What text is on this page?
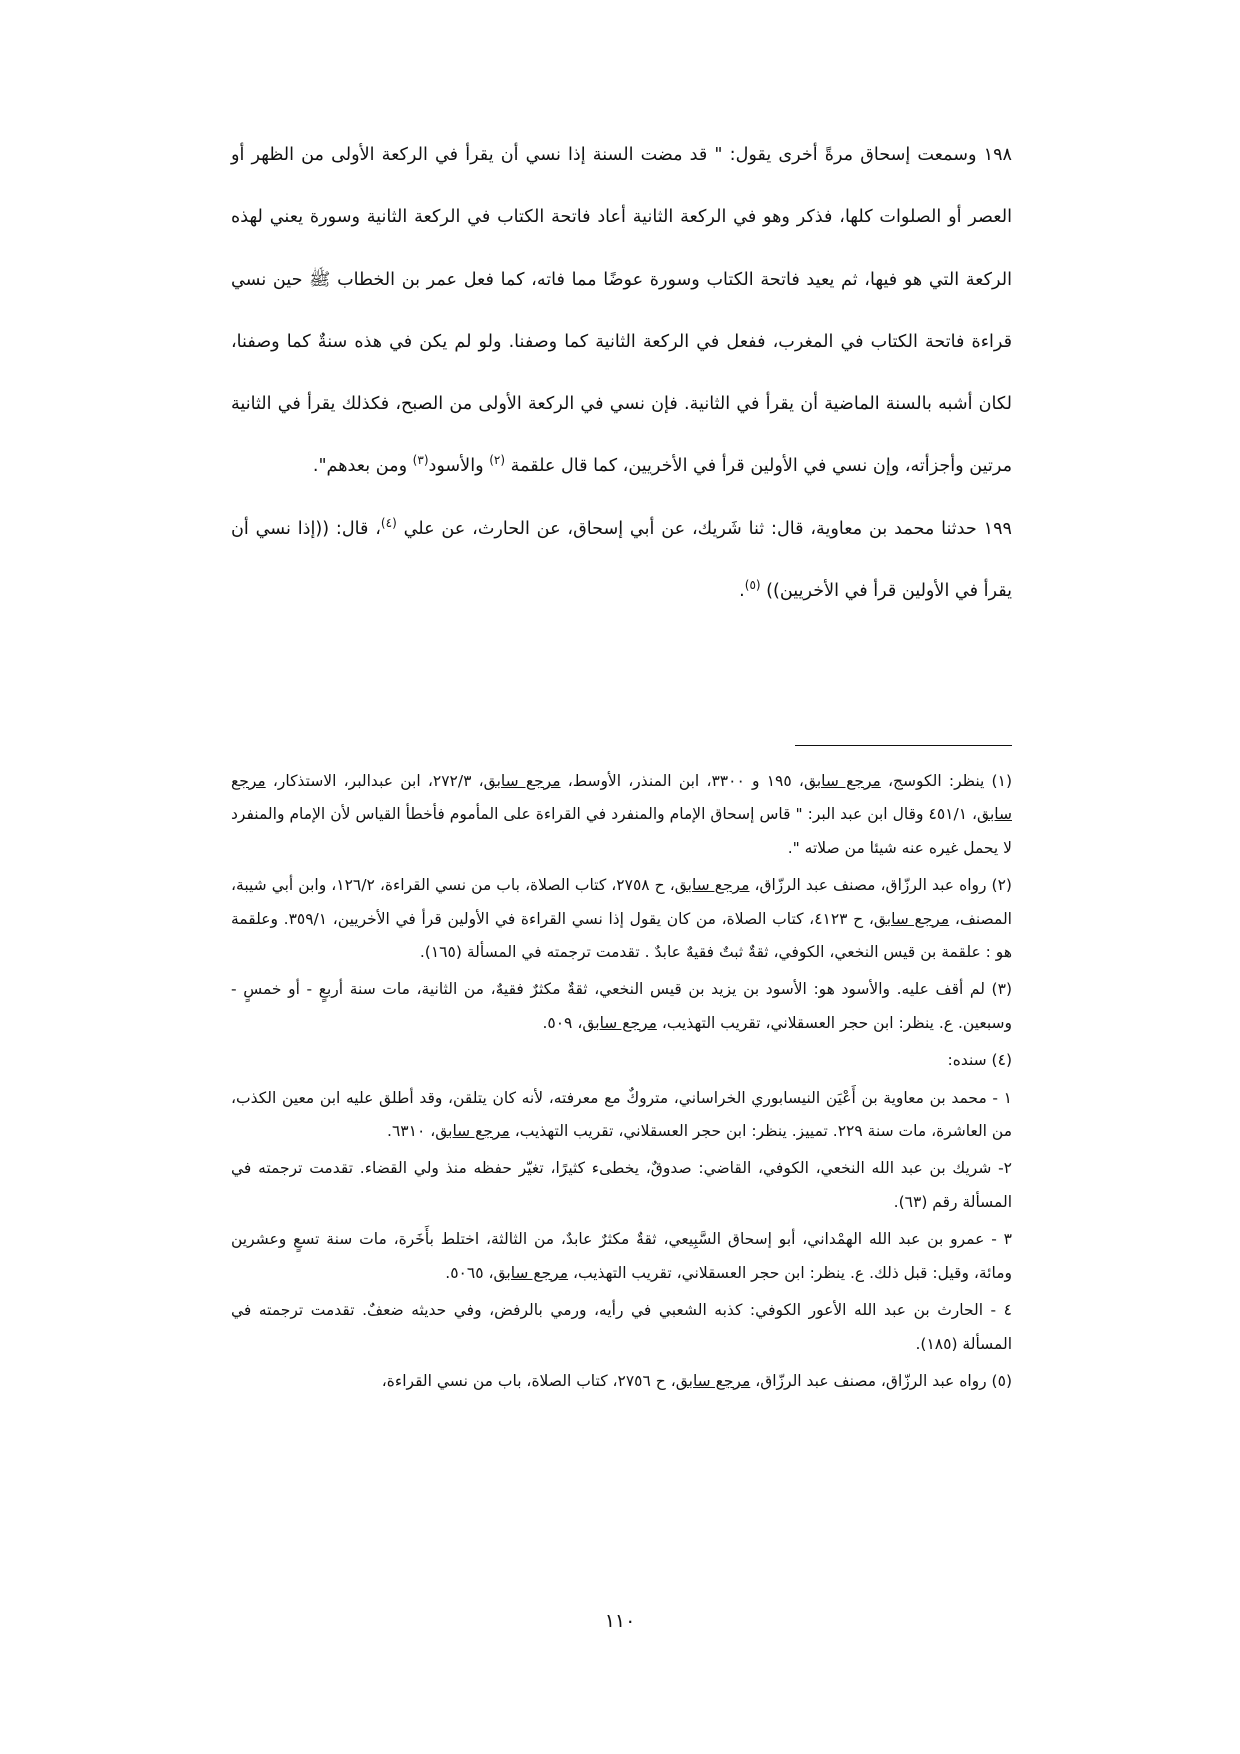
١٩٨ وسمعت إسحاق مرةً أخرى يقول: " قد مضت السنة إذا نسي أن يقرأ في الركعة الأولى من الظهر أو العصر أو الصلوات كلها، فذكر وهو في الركعة الثانية أعاد فاتحة الكتاب في الركعة الثانية وسورة يعني لهذه الركعة التي هو فيها، ثم يعيد فاتحة الكتاب وسورة عوضًا مما فاته، كما فعل عمر بن الخطاب ﷺ حين نسي قراءة فاتحة الكتاب في المغرب، ففعل في الركعة الثانية كما وصفنا. ولو لم يكن في هذه سنةٌ كما وصفنا، لكان أشبه بالسنة الماضية أن يقرأ في الثانية. فإن نسي في الركعة الأولى من الصبح، فكذلك يقرأ في الثانية مرتين وأجزأته، وإن نسي في الأولين قرأ في الأخريين، كما قال علقمة $^{(٢)}$ والأسود$^{(٣)}$ ومن بعدهم".

١٩٩ حدثنا محمد بن معاوية، قال: ثنا شَريك، عن أبي إسحاق، عن الحارث، عن علي $^{(٤)}$، قال: ((إذا نسي أن يقرأ في الأولين قرأ في الأخريين)) $^{(٥)}$.

(١) ينظر: الكوسج، مرجع سابق، ١٩٥ و ٣٣٠٠، ابن المنذر، الأوسط، مرجع سابق، ٢٧٢/٣، ابن عبدالبر، الاستذكار، مرجع سابق، ٤٥١/١ وقال ابن عبد البر: " قاس إسحاق الإمام والمنفرد في القراءة على المأموم فأخطأ القياس لأن الإمام والمنفرد لا يحمل غيره عنه شيئا من صلاته ".

(٢) رواه عبد الرزّاق، مصنف عبد الرزّاق، مرجع سابق، ح ٢٧٥٨، كتاب الصلاة، باب من نسي القراءة، ١٢٦/٢، وابن أبي شيبة، المصنف، مرجع سابق، ح ٤١٢٣، كتاب الصلاة، من كان يقول إذا نسي القراءة في الأولين قرأ في الأخريين، ٣٥٩/١. وعلقمة هو : علقمة بن قيس النخعي، الكوفي، ثقةٌ ثبتٌ فقيهٌ عابدٌ . تقدمت ترجمته في المسألة (١٦٥).

(٣) لم أقف عليه. والأسود هو: الأسود بن يزيد بن قيس النخعي، ثقةٌ مكثرٌ فقيهٌ، من الثانية، مات سنة أربعٍ - أو خمسٍ - وسبعين. ع. ينظر: ابن حجر العسقلاني، تقريب التهذيب، مرجع سابق، ٥٠٩.

(٤) سنده:

١ - محمد بن معاوية بن أَعْيَن النيسابوري الخراساني، متروكٌ مع معرفته، لأنه كان يتلقن، وقد أطلق عليه ابن معين الكذب، من العاشرة، مات سنة ٢٢٩. تمييز. ينظر: ابن حجر العسقلاني، تقريب التهذيب، مرجع سابق، ٦٣١٠.

٢- شريك بن عبد الله النخعي، الكوفي، القاضي: صدوقٌ، يخطىء كثيرًا، تغيّر حفظه منذ ولي القضاء. تقدمت ترجمته في المسألة رقم (٦٣).

٣ - عمرو بن عبد الله الهمْداني، أبو إسحاق السَّبِيعي، ثقةٌ مكثرٌ عابدٌ، من الثالثة، اختلط بأَخَرة، مات سنة تسعٍ وعشرين ومائة، وقيل: قبل ذلك. ع. ينظر: ابن حجر العسقلاني، تقريب التهذيب، مرجع سابق، ٥٠٦٥.

٤ - الحارث بن عبد الله الأعور الكوفي: كذبه الشعبي في رأيه، ورمي بالرفض، وفي حديثه ضعفٌ. تقدمت ترجمته في المسألة (١٨٥).

(٥) رواه عبد الرزّاق، مصنف عبد الرزّاق، مرجع سابق، ح ٢٧٥٦، كتاب الصلاة، باب من نسي القراءة،

١١٠
